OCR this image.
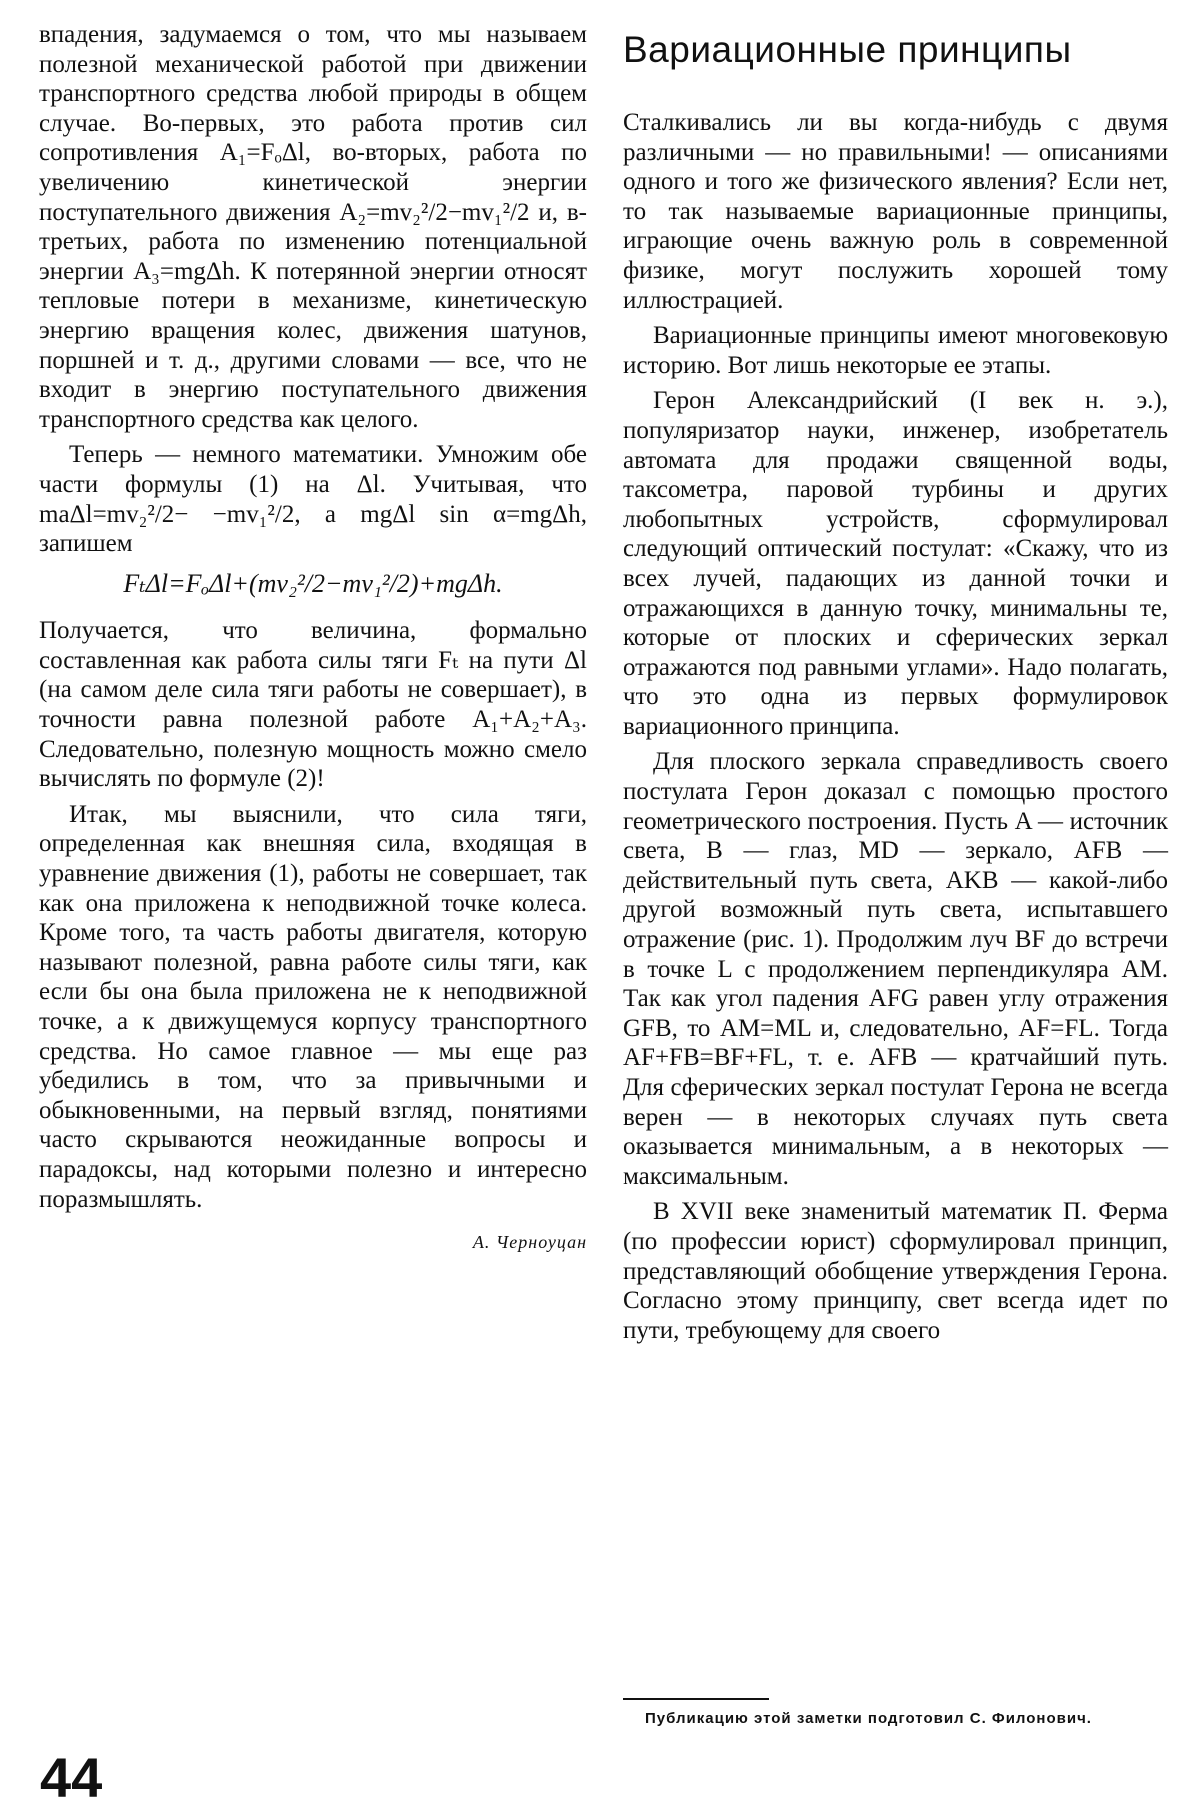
впадения, задумаемся о том, что мы называем полезной механической работой при движении транспортного средства любой природы в общем случае. Во-первых, это работа против сил сопротивления A₁=FₒΔl, во-вторых, работа по увеличению кинетической энергии поступательного движения A₂=mv₂²/2−mv₁²/2 и, в-третьих, работа по изменению потенциальной энергии A₃=mgΔh. К потерянной энергии относят тепловые потери в механизме, кинетическую энергию вращения колес, движения шатунов, поршней и т. д., другими словами — все, что не входит в энергию поступательного движения транспортного средства как целого.

Теперь — немного математики. Умножим обе части формулы (1) на Δl. Учитывая, что maΔl=mv₂²/2− −mv₁²/2, а mgΔl sin α=mgΔh, запишем

FₜΔl=FₒΔl+(mv₂²/2−mv₁²/2)+mgΔh.

Получается, что величина, формально составленная как работа силы тяги Fₜ на пути Δl (на самом деле сила тяги работы не совершает), в точности равна полезной работе A₁+A₂+A₃. Следовательно, полезную мощность можно смело вычислять по формуле (2)!

Итак, мы выяснили, что сила тяги, определенная как внешняя сила, входящая в уравнение движения (1), работы не совершает, так как она приложена к неподвижной точке колеса. Кроме того, та часть работы двигателя, которую называют полезной, равна работе силы тяги, как если бы она была приложена не к неподвижной точке, а к движущемуся корпусу транспортного средства. Но самое главное — мы еще раз убедились в том, что за привычными и обыкновенными, на первый взгляд, понятиями часто скрываются неожиданные вопросы и парадоксы, над которыми полезно и интересно поразмышлять.

А. Черноуцан
Вариационные принципы

Сталкивались ли вы когда-нибудь с двумя различными — но правильными! — описаниями одного и того же физического явления? Если нет, то так называемые вариационные принципы, играющие очень важную роль в современной физике, могут послужить хорошей тому иллюстрацией.

Вариационные принципы имеют многовековую историю. Вот лишь некоторые ее этапы.

Герон Александрийский (I век н. э.), популяризатор науки, инженер, изобретатель автомата для продажи священной воды, таксометра, паровой турбины и других любопытных устройств, сформулировал следующий оптический постулат: «Скажу, что из всех лучей, падающих из данной точки и отражающихся в данную точку, минимальны те, которые от плоских и сферических зеркал отражаются под равными углами». Надо полагать, что это одна из первых формулировок вариационного принципа.

Для плоского зеркала справедливость своего постулата Герон доказал с помощью простого геометрического построения. Пусть A — источник света, B — глаз, MD — зеркало, AFB — действительный путь света, AKB — какой-либо другой возможный путь света, испытавшего отражение (рис. 1). Продолжим луч BF до встречи в точке L с продолжением перпендикуляра AM. Так как угол падения AFG равен углу отражения GFB, то AM=ML и, следовательно, AF=FL. Тогда AF+FB=BF+FL, т. е. AFB — кратчайший путь. Для сферических зеркал постулат Герона не всегда верен — в некоторых случаях путь света оказывается минимальным, а в некоторых — максимальным.

В XVII веке знаменитый математик П. Ферма (по профессии юрист) сформулировал принцип, представляющий обобщение утверждения Герона. Согласно этому принципу, свет всегда идет по пути, требующему для своего

Публикацию этой заметки подготовил С. Филонович.
44
